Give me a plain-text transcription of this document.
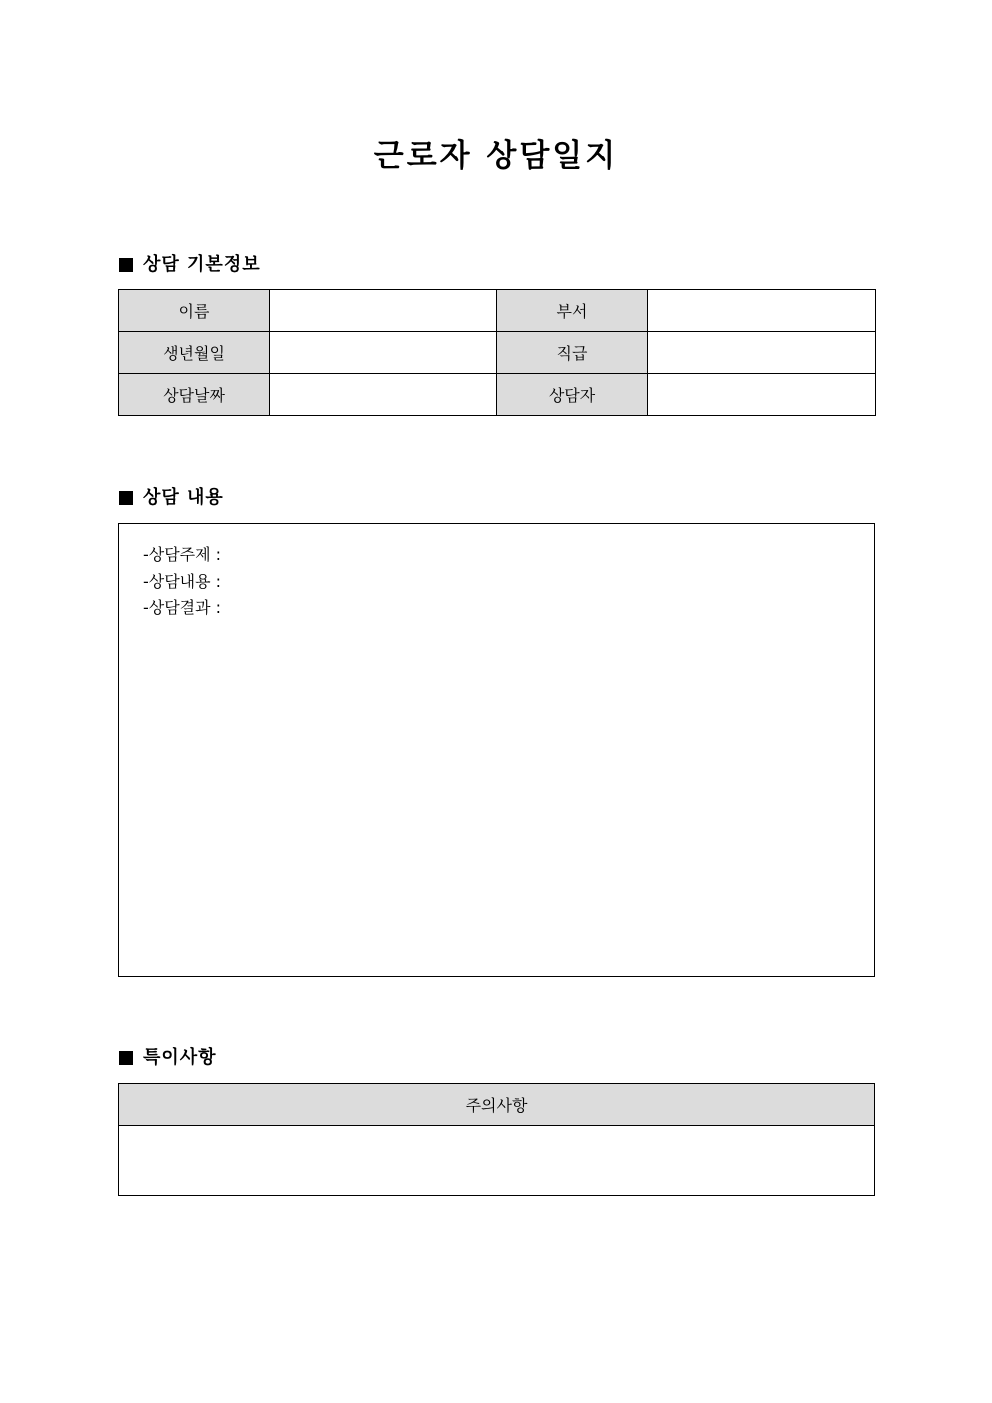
근로자 상담일지
상담 기본정보
이름		부서	
생년월일		직급	
상담날짜		상담자	
상담 내용
-상담주제 :
-상담내용 :
-상담결과 :
특이사항
주의사항
